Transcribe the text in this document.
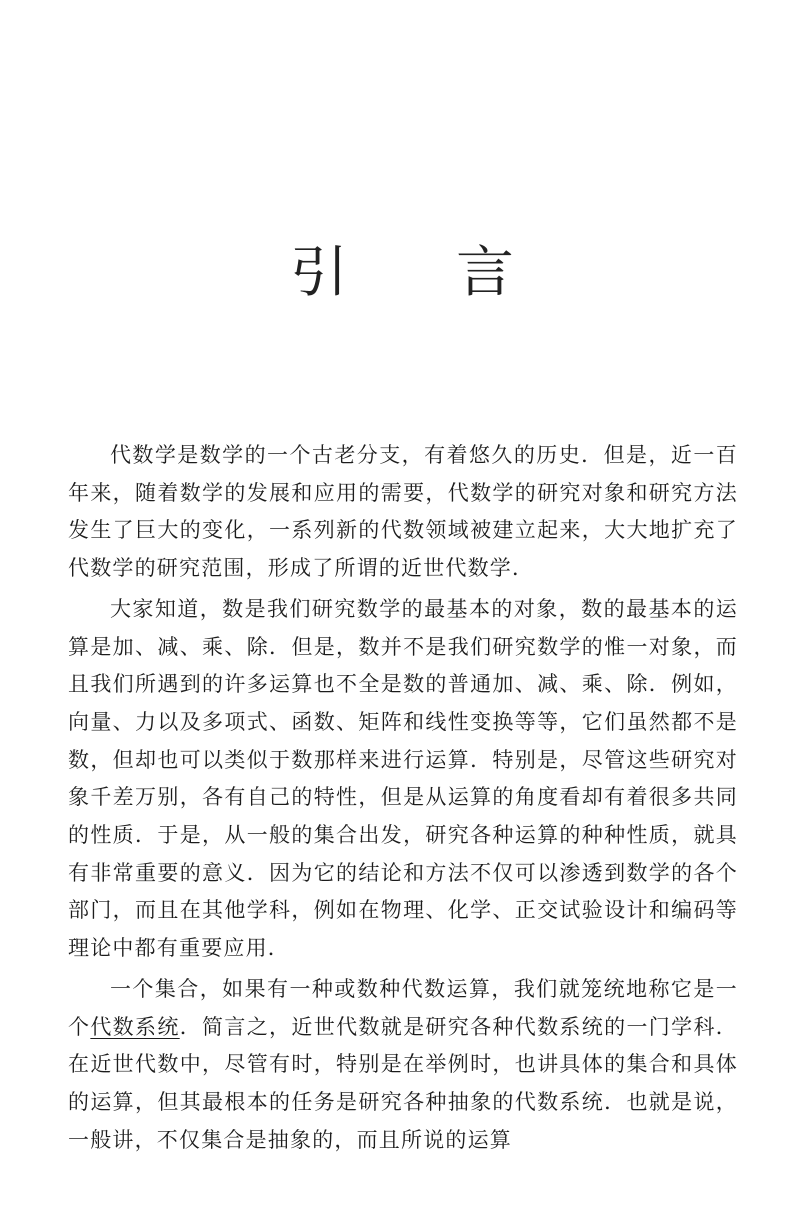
引 言

代数学是数学的一个古老分支，有着悠久的历史．但是，近一百年来，随着数学的发展和应用的需要，代数学的研究对象和研究方法发生了巨大的变化，一系列新的代数领域被建立起来，大大地扩充了代数学的研究范围，形成了所谓的近世代数学．

大家知道，数是我们研究数学的最基本的对象，数的最基本的运算是加、减、乘、除．但是，数并不是我们研究数学的惟一对象，而且我们所遇到的许多运算也不全是数的普通加、减、乘、除．例如，向量、力以及多项式、函数、矩阵和线性变换等等，它们虽然都不是数，但却也可以类似于数那样来进行运算．特别是，尽管这些研究对象千差万别，各有自己的特性，但是从运算的角度看却有着很多共同的性质．于是，从一般的集合出发，研究各种运算的种种性质，就具有非常重要的意义．因为它的结论和方法不仅可以渗透到数学的各个部门，而且在其他学科，例如在物理、化学、正交试验设计和编码等理论中都有重要应用．

一个集合，如果有一种或数种代数运算，我们就笼统地称它是一个代数系统．简言之，近世代数就是研究各种代数系统的一门学科．在近世代数中，尽管有时，特别是在举例时，也讲具体的集合和具体的运算，但其最根本的任务是研究各种抽象的代数系统．也就是说，一般讲，不仅集合是抽象的，而且所说的运算
